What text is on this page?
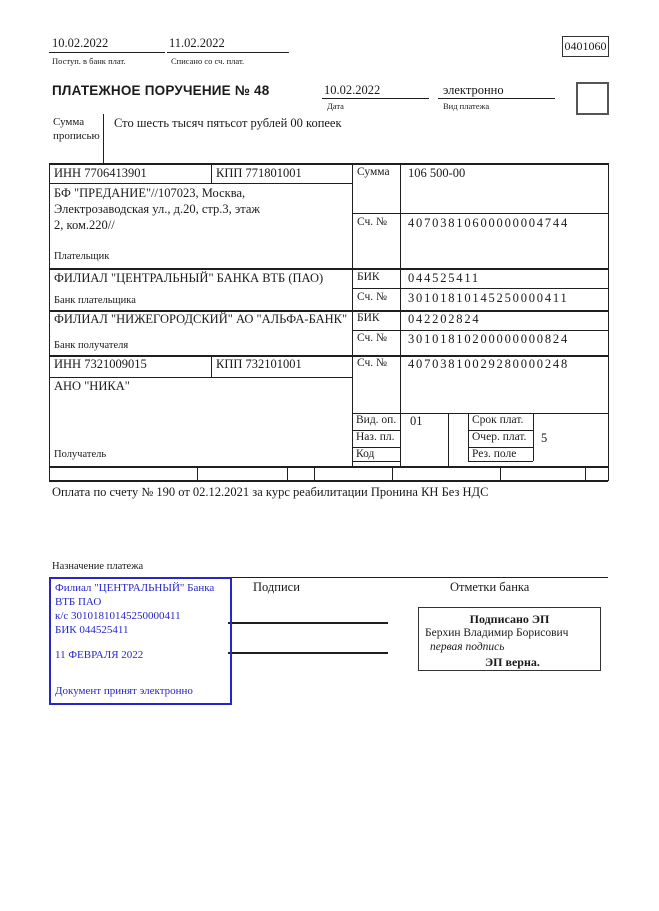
10.02.2022
Поступ. в банк плат.
11.02.2022
Списано со сч. плат.
0401060
ПЛАТЕЖНОЕ ПОРУЧЕНИЕ № 48	10.02.2022
Дата
электронно
Вид платежа
Сумма прописью
Сто шесть тысяч пятьсот рублей 00 копеек
ИНН 7706413901	КПП 771801001	Сумма 106 500-00
БФ "ПРЕДАНИЕ"//107023, Москва,
Электрозаводская ул., д.20, стр.3, этаж
2, ком.220//	Сч. № 40703810600000004744
Плательщик
ФИЛИАЛ "ЦЕНТРАЛЬНЫЙ" БАНКА ВТБ (ПАО)	БИК 044525411
Сч. № 30101810145250000411
Банк плательщика
ФИЛИАЛ "НИЖЕГОРОДСКИЙ" АО "АЛЬФА-БАНК" БИК 042202824
Сч. № 30101810200000000824
Банк получателя
ИНН 7321009015	КПП 732101001	Сч. № 40703810029280000248
АНО "НИКА"
Получатель
Вид. оп. 01	Срок плат.
Наз. пл.	Очер. плат. 5
Код	Рез. поле
Оплата по счету № 190 от 02.12.2021 за курс реабилитации Пронина КН Без НДС
Назначение платежа
Подписи	Отметки банка
Филиал "ЦЕНТРАЛЬНЫЙ" Банка
ВТБ ПАО
к/с 30101810145250000411
БИК 044525411
11 ФЕВРАЛЯ 2022
Документ принят электронно
Подписано ЭП
Берхин Владимир Борисович
первая подпись
ЭП верна.
